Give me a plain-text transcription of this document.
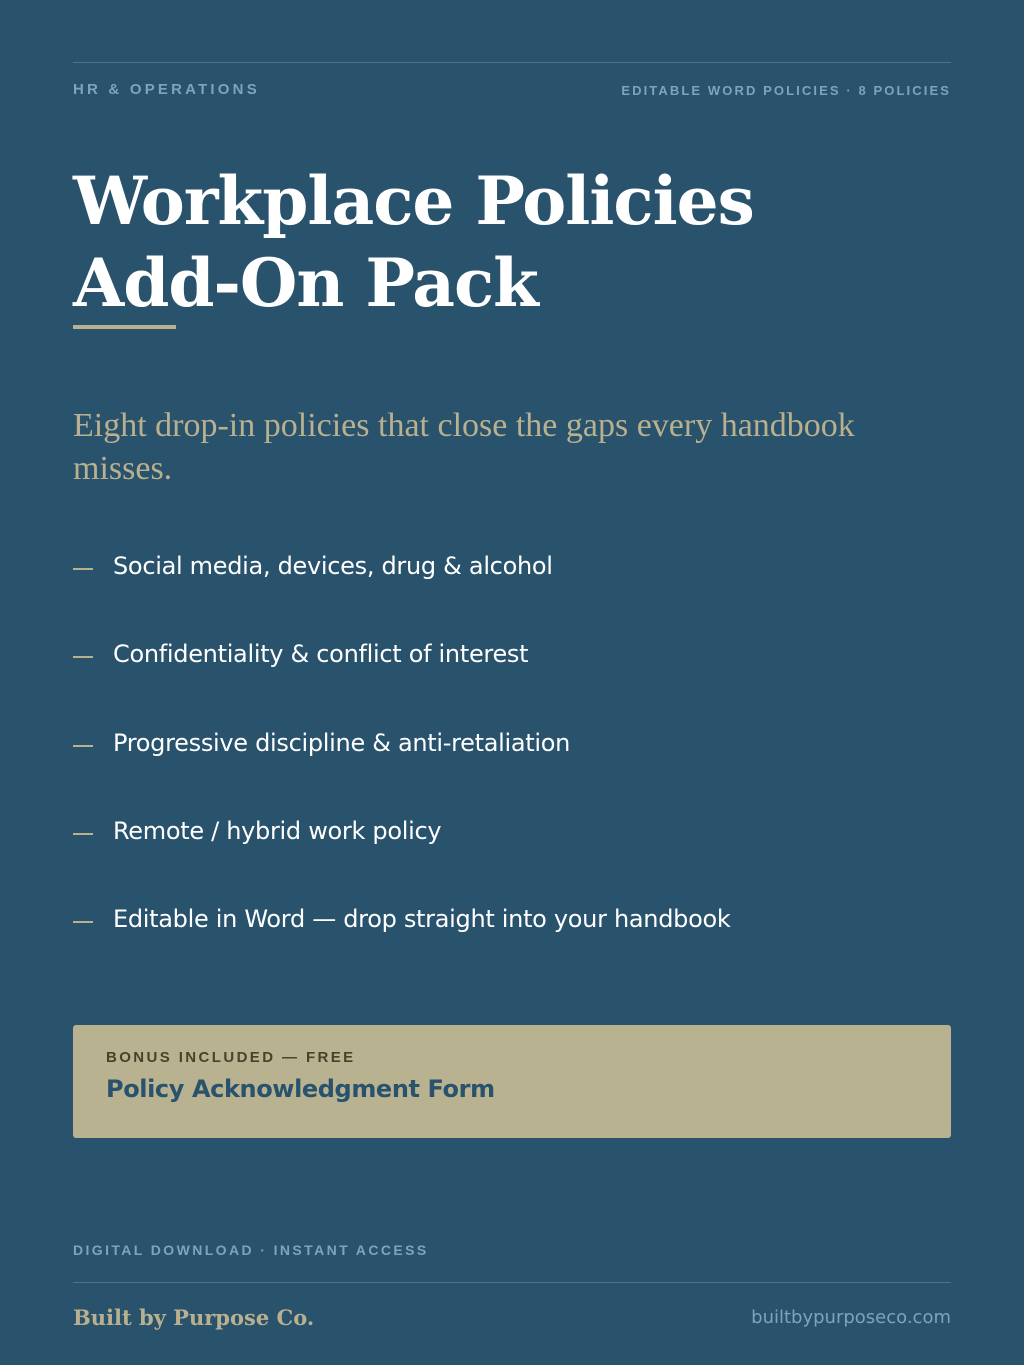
HR & OPERATIONS	EDITABLE WORD POLICIES · 8 POLICIES
Workplace Policies
Add-On Pack

Eight drop-in policies that close the gaps every handbook misses.

Social media, devices, drug & alcohol
Confidentiality & conflict of interest
Progressive discipline & anti-retaliation
Remote / hybrid work policy
Editable in Word — drop straight into your handbook
BONUS INCLUDED — FREE
Policy Acknowledgment Form
DIGITAL DOWNLOAD · INSTANT ACCESS
Built by Purpose Co.	builtbypurposeco.com
